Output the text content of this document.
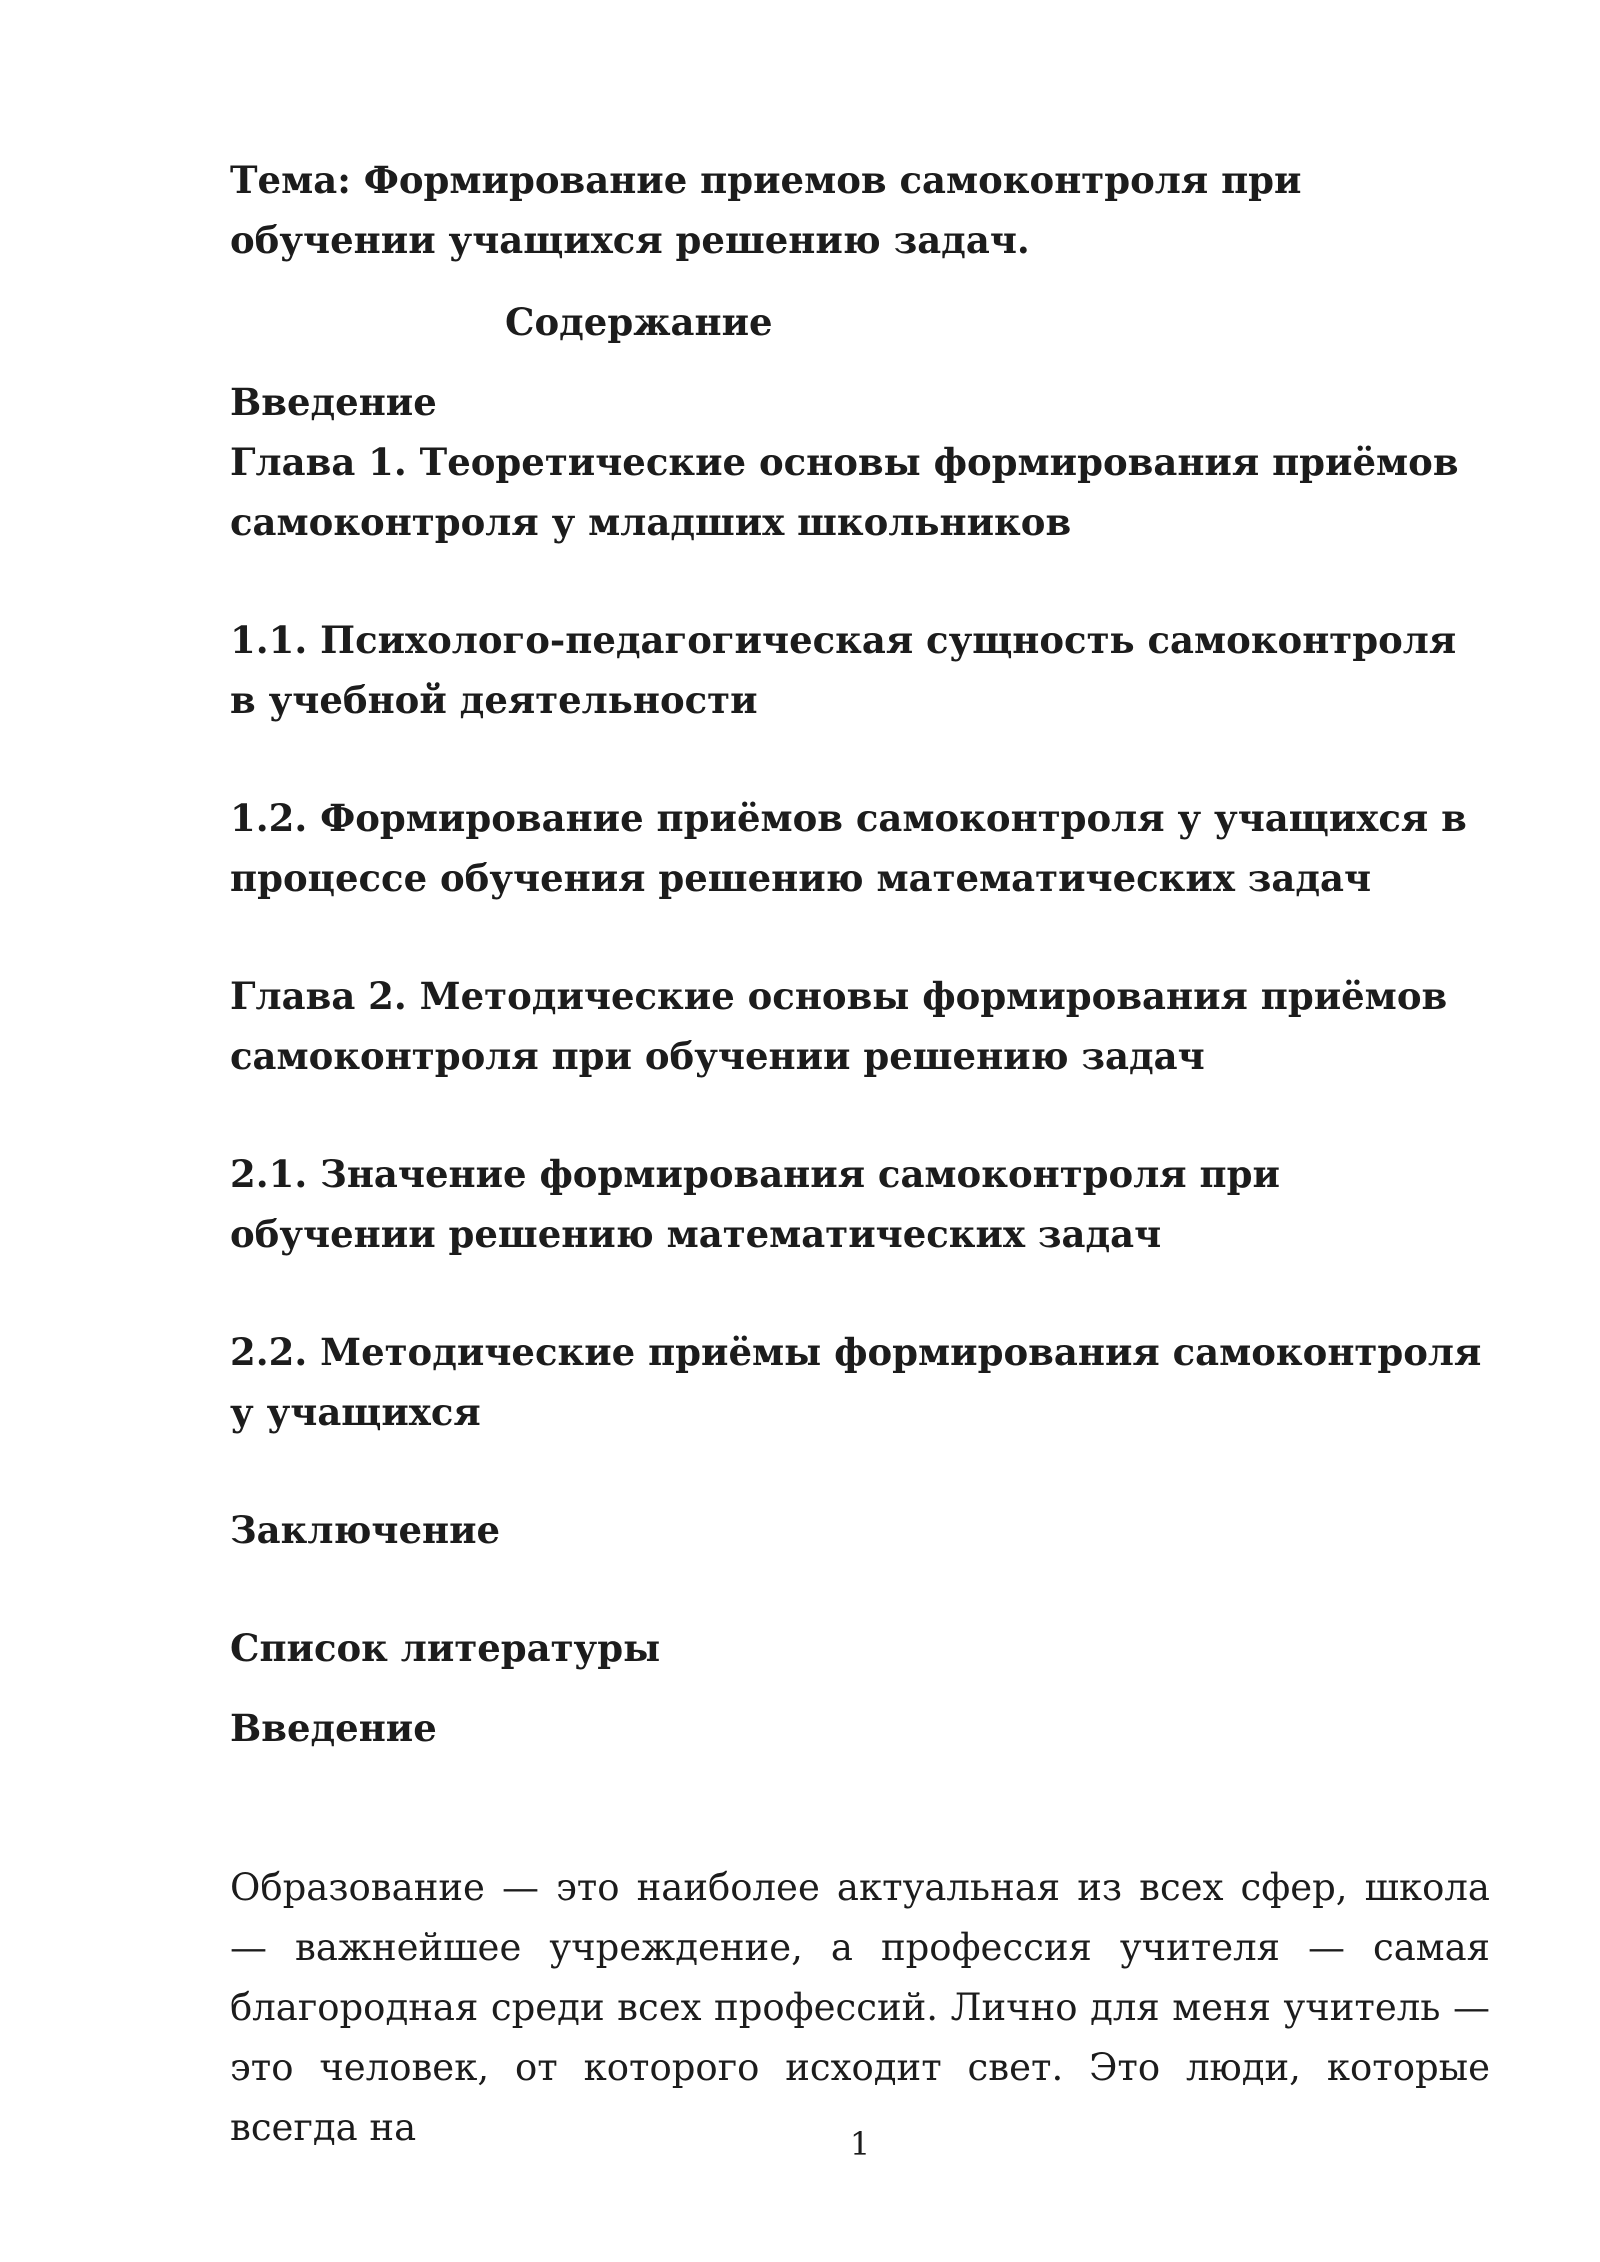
Тема: Формирование приемов самоконтроля при обучении учащихся решению задач.

Содержание

Введение
Глава 1. Теоретические основы формирования приёмов самоконтроля у младших школьников
1.1. Психолого-педагогическая сущность самоконтроля в учебной деятельности
1.2. Формирование приёмов самоконтроля у учащихся в процессе обучения решению математических задач
Глава 2. Методические основы формирования приёмов самоконтроля при обучении решению задач
2.1. Значение формирования самоконтроля при обучении решению математических задач
2.2. Методические приёмы формирования самоконтроля у учащихся
Заключение
Список литературы

Введение

Образование — это наиболее актуальная из всех сфер, школа — важнейшее учреждение, а профессия учителя — самая благородная среди всех профессий. Лично для меня учитель — это человек, от которого исходит свет. Это люди, которые всегда на	1
